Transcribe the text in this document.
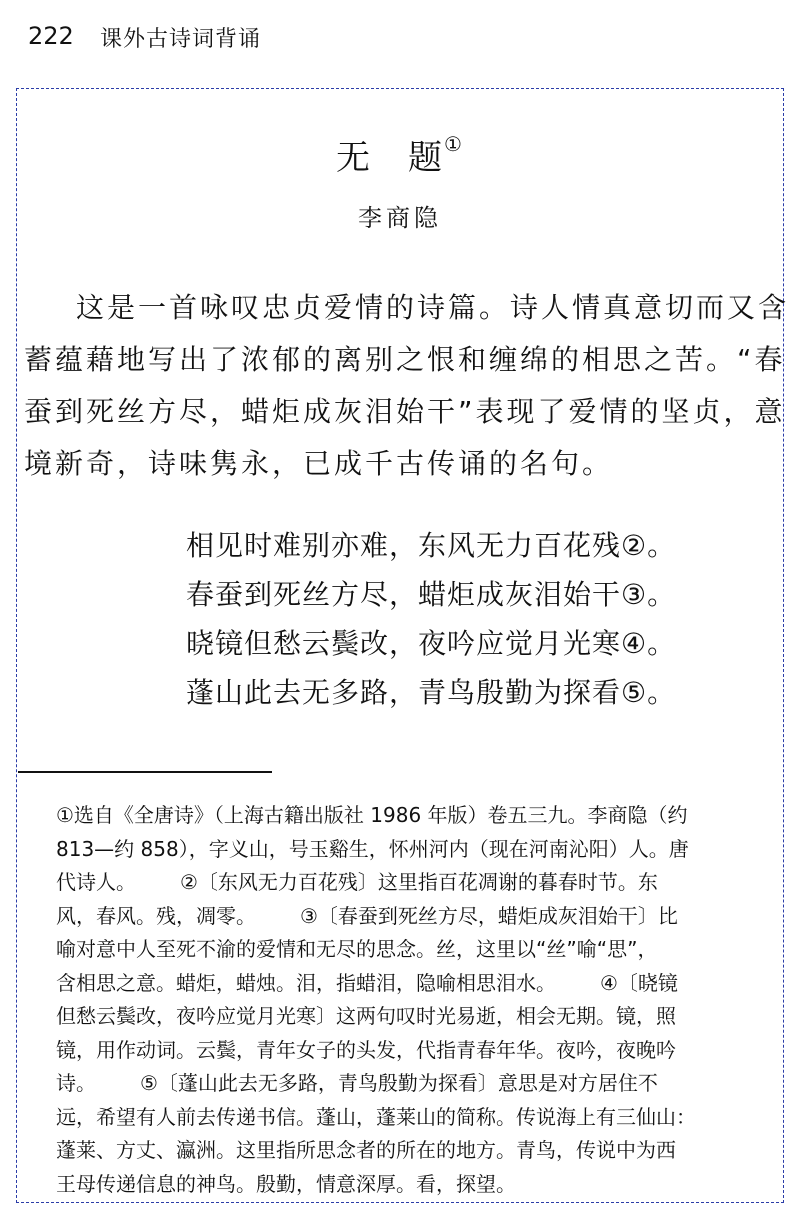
222 课外古诗词背诵
无　题①
李商隐
这是一首咏叹忠贞爱情的诗篇。诗人情真意切而又含
蓄蕴藉地写出了浓郁的离别之恨和缠绵的相思之苦。“春
蚕到死丝方尽，蜡炬成灰泪始干”表现了爱情的坚贞，意
境新奇，诗味隽永，已成千古传诵的名句。
相见时难别亦难，东风无力百花残②。
春蚕到死丝方尽，蜡炬成灰泪始干③。
晓镜但愁云鬓改，夜吟应觉月光寒④。
蓬山此去无多路，青鸟殷勤为探看⑤。
①选自《全唐诗》（上海古籍出版社 1986 年版）卷五三九。李商隐（约
813—约 858），字义山，号玉谿生，怀州河内（现在河南沁阳）人。唐
代诗人。 ②〔东风无力百花残〕这里指百花凋谢的暮春时节。东
风，春风。残，凋零。 ③〔春蚕到死丝方尽，蜡炬成灰泪始干〕比
喻对意中人至死不渝的爱情和无尽的思念。丝，这里以“丝”喻“思”，
含相思之意。蜡炬，蜡烛。泪，指蜡泪，隐喻相思泪水。 ④〔晓镜
但愁云鬓改，夜吟应觉月光寒〕这两句叹时光易逝，相会无期。镜，照
镜，用作动词。云鬓，青年女子的头发，代指青春年华。夜吟，夜晚吟
诗。 ⑤〔蓬山此去无多路，青鸟殷勤为探看〕意思是对方居住不
远，希望有人前去传递书信。蓬山，蓬莱山的简称。传说海上有三仙山：
蓬莱、方丈、瀛洲。这里指所思念者的所在的地方。青鸟，传说中为西
王母传递信息的神鸟。殷勤，情意深厚。看，探望。
